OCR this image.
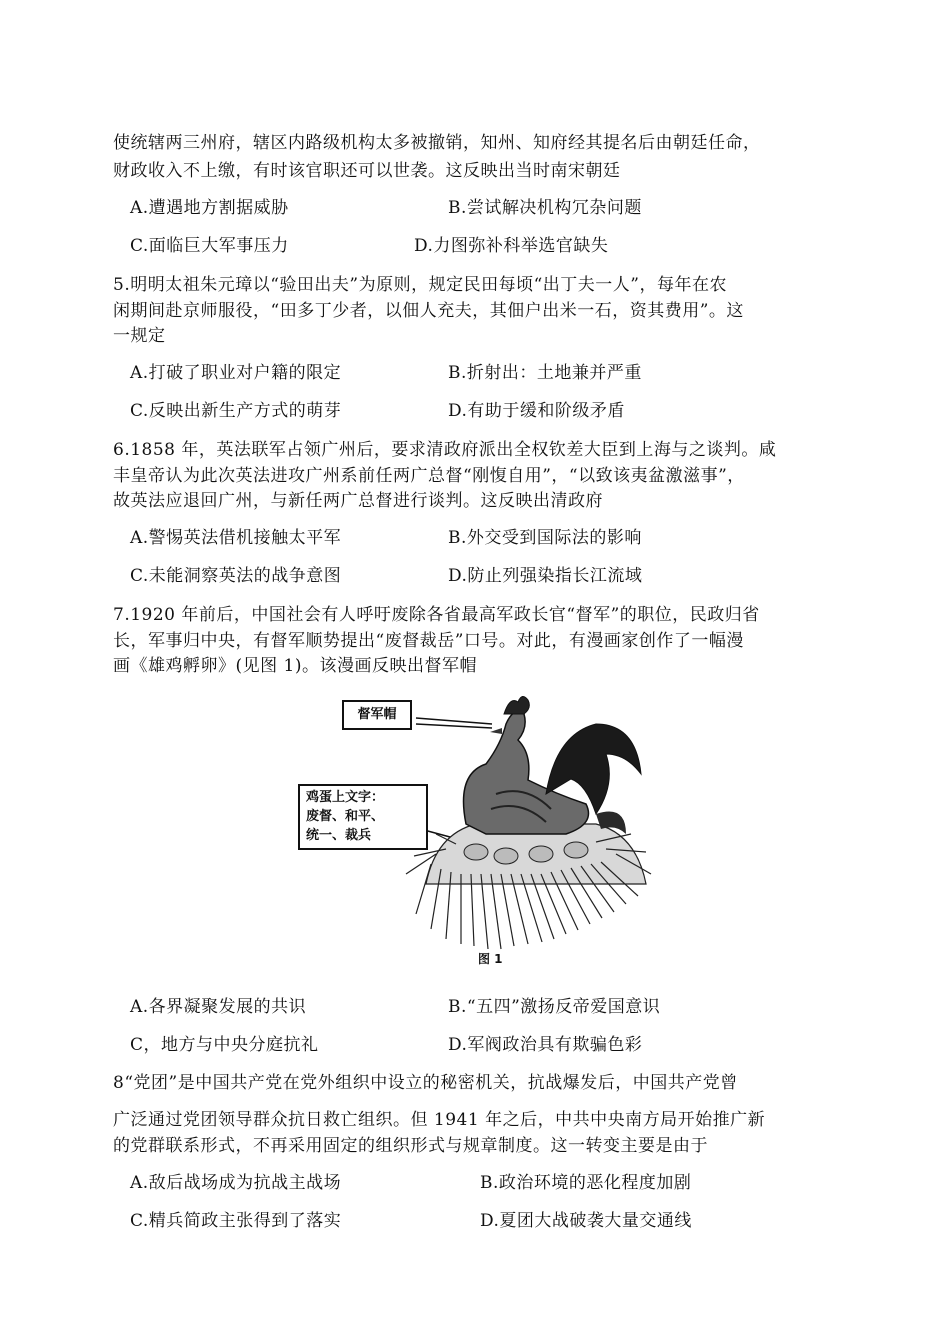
使统辖两三州府，辖区内路级机构太多被撤销，知州、知府经其提名后由朝廷任命，
财政收入不上缴，有时该官职还可以世袭。这反映出当时南宋朝廷
A.遭遇地方割据威胁	B.尝试解决机构冗杂问题
C.面临巨大军事压力	D.力图弥补科举选官缺失
5.明明太祖朱元璋以“验田出夫”为原则，规定民田每顷“出丁夫一人”，每年在农
闲期间赴京师服役，“田多丁少者，以佃人充夫，其佃户出米一石，资其费用”。这
一规定
A.打破了职业对户籍的限定	B.折射出：土地兼并严重
C.反映出新生产方式的萌芽	D.有助于缓和阶级矛盾
6.1858 年，英法联军占领广州后，要求清政府派出全权钦差大臣到上海与之谈判。咸
丰皇帝认为此次英法进攻广州系前任两广总督“刚愎自用”，“以致该夷盆激滋事”，
故英法应退回广州，与新任两广总督进行谈判。这反映出清政府
A.警惕英法借机接触太平军	B.外交受到国际法的影响
C.未能洞察英法的战争意图	D.防止列强染指长江流域
7.1920 年前后，中国社会有人呼吁废除各省最高军政长官“督军”的职位，民政归省
长，军事归中央，有督军顺势提出“废督裁岳”口号。对此，有漫画家创作了一幅漫
画《雄鸡孵卵》(见图 1)。该漫画反映出督军帽
督军帽
鸡蛋上文字：
废督、和平、
统一、裁兵
图 1
A.各界凝聚发展的共识	B.“五四”激扬反帝爱国意识
C，地方与中央分庭抗礼	D.军阀政治具有欺骗色彩
8“党团”是中国共产党在党外组织中设立的秘密机关，抗战爆发后，中国共产党曾
广泛通过党团领导群众抗日救亡组织。但 1941 年之后，中共中央南方局开始推广新
的党群联系形式，不再采用固定的组织形式与规章制度。这一转变主要是由于
A.敌后战场成为抗战主战场	B.政治环境的恶化程度加剧
C.精兵简政主张得到了落实	D.夏团大战破袭大量交通线
